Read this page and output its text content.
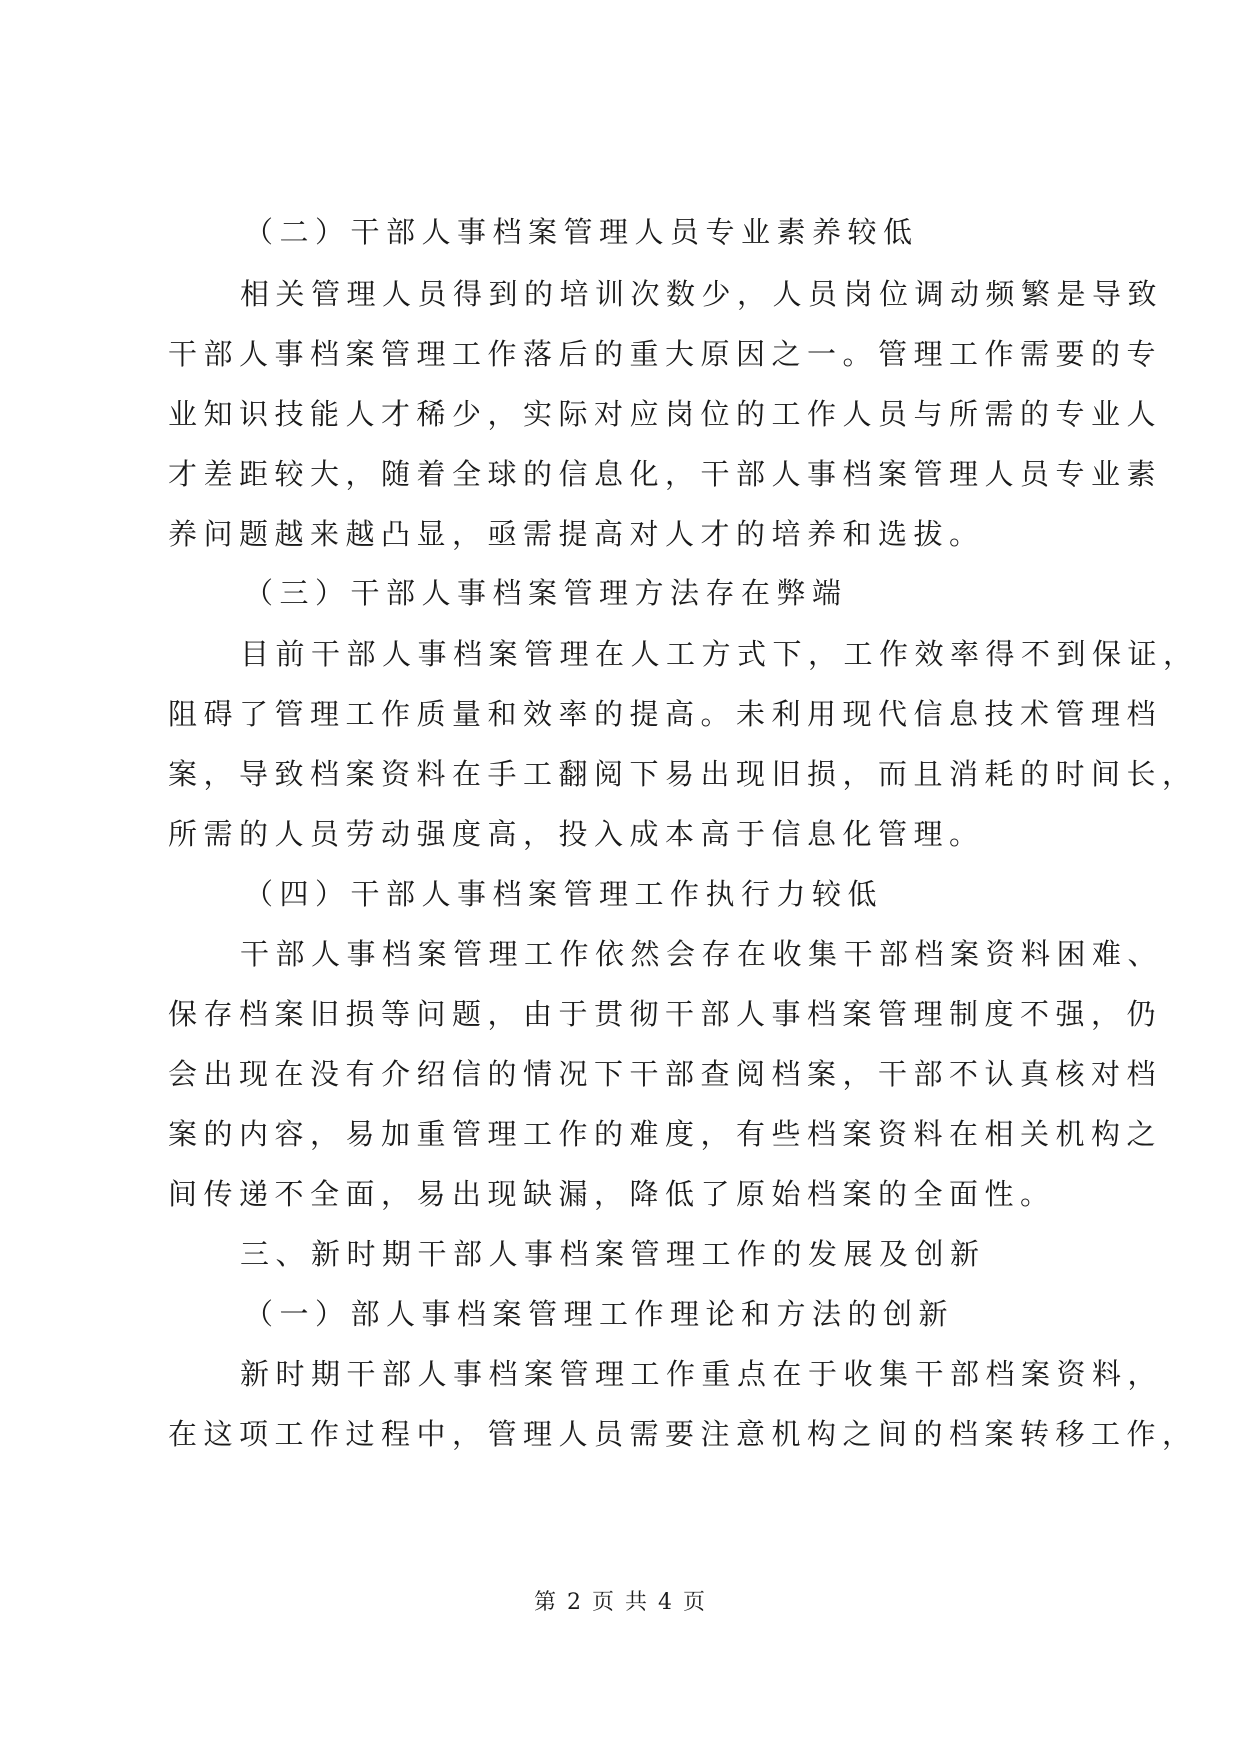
（二）干部人事档案管理人员专业素养较低
相关管理人员得到的培训次数少，人员岗位调动频繁是导致
干部人事档案管理工作落后的重大原因之一。管理工作需要的专
业知识技能人才稀少，实际对应岗位的工作人员与所需的专业人
才差距较大，随着全球的信息化，干部人事档案管理人员专业素
养问题越来越凸显，亟需提高对人才的培养和选拔。
（三）干部人事档案管理方法存在弊端
目前干部人事档案管理在人工方式下，工作效率得不到保证，
阻碍了管理工作质量和效率的提高。未利用现代信息技术管理档
案，导致档案资料在手工翻阅下易出现旧损，而且消耗的时间长，
所需的人员劳动强度高，投入成本高于信息化管理。
（四）干部人事档案管理工作执行力较低
干部人事档案管理工作依然会存在收集干部档案资料困难、
保存档案旧损等问题，由于贯彻干部人事档案管理制度不强，仍
会出现在没有介绍信的情况下干部查阅档案，干部不认真核对档
案的内容，易加重管理工作的难度，有些档案资料在相关机构之
间传递不全面，易出现缺漏，降低了原始档案的全面性。
三、新时期干部人事档案管理工作的发展及创新
（一）部人事档案管理工作理论和方法的创新
新时期干部人事档案管理工作重点在于收集干部档案资料，
在这项工作过程中，管理人员需要注意机构之间的档案转移工作，
第 2 页 共 4 页
